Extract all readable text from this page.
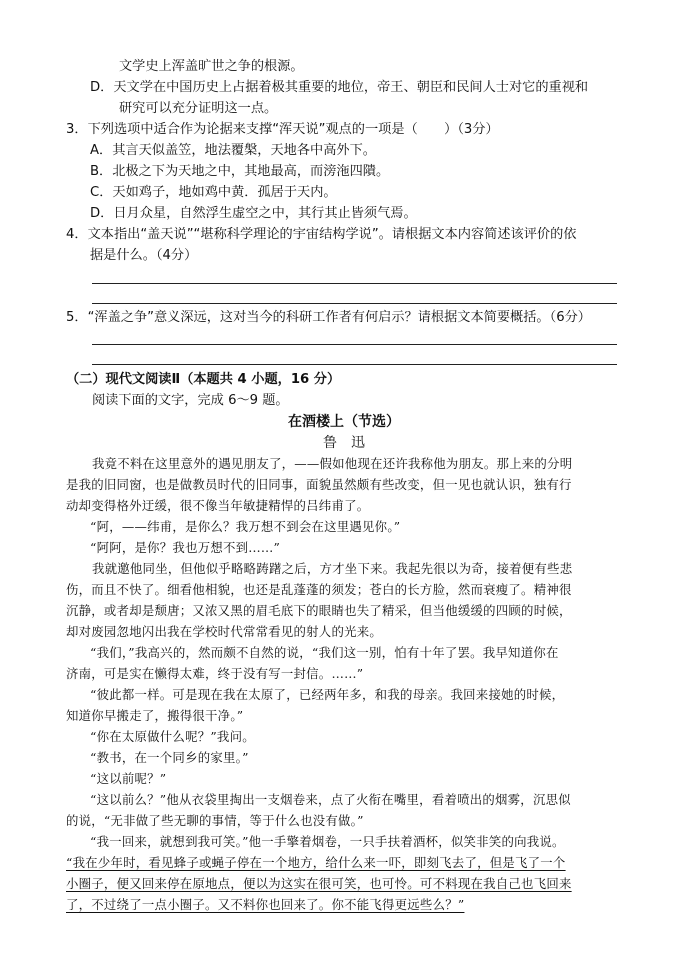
文学史上浑盖旷世之争的根源。
D．天文学在中国历史上占据着极其重要的地位，帝王、朝臣和民间人士对它的重视和
研究可以充分证明这一点。
3．下列选项中适合作为论据来支撑“浑天说”观点的一项是（　　）（3分）
A．其言天似盖笠，地法覆槃，天地各中高外下。
B．北极之下为天地之中，其地最高，而滂沲四隤。
C．天如鸡子，地如鸡中黄．孤居于天内。
D．日月众星，自然浮生虚空之中，其行其止皆须气焉。
4．文本指出“盖天说”“堪称科学理论的宇宙结构学说”。请根据文本内容简述该评价的依
据是什么。（4分）
5．“浑盖之争”意义深远，这对当今的科研工作者有何启示？请根据文本简要概括。（6分）
（二）现代文阅读Ⅱ（本题共 4 小题，16 分）
阅读下面的文字，完成 6～9 题。
在酒楼上（节选）
鲁　迅
我竟不料在这里意外的遇见朋友了，——假如他现在还许我称他为朋友。那上来的分明
是我的旧同窗，也是做教员时代的旧同事，面貌虽然颇有些改变，但一见也就认识，独有行
动却变得格外迂缓，很不像当年敏捷精悍的吕纬甫了。
“阿，——纬甫，是你么？我万想不到会在这里遇见你。”
“阿阿，是你？我也万想不到……”
我就邀他同坐，但他似乎略略踌躇之后，方才坐下来。我起先很以为奇，接着便有些悲
伤，而且不快了。细看他相貌，也还是乱蓬蓬的须发；苍白的长方脸，然而衰瘦了。精神很
沉静，或者却是颓唐；又浓又黑的眉毛底下的眼睛也失了精采，但当他缓缓的四顾的时候，
却对废园忽地闪出我在学校时代常常看见的射人的光来。
“我们，”我高兴的，然而颇不自然的说，“我们这一别，怕有十年了罢。我早知道你在
济南，可是实在懒得太难，终于没有写一封信。……”
“彼此都一样。可是现在我在太原了，已经两年多，和我的母亲。我回来接她的时候，
知道你早搬走了，搬得很干净。”
“你在太原做什么呢？”我问。
“教书，在一个同乡的家里。”
“这以前呢？”
“这以前么？”他从衣袋里掏出一支烟卷来，点了火衔在嘴里，看着喷出的烟雾，沉思似
的说，“无非做了些无聊的事情，等于什么也没有做。”
“我一回来，就想到我可笑。”他一手擎着烟卷，一只手扶着酒杯，似笑非笑的向我说。
“我在少年时，看见蜂子或蝇子停在一个地方，给什么来一吓，即刻飞去了，但是飞了一个
小圈子，便又回来停在原地点，便以为这实在很可笑，也可怜。可不料现在我自己也飞回来
了，不过绕了一点小圈子。又不料你也回来了。你不能飞得更远些么？”
